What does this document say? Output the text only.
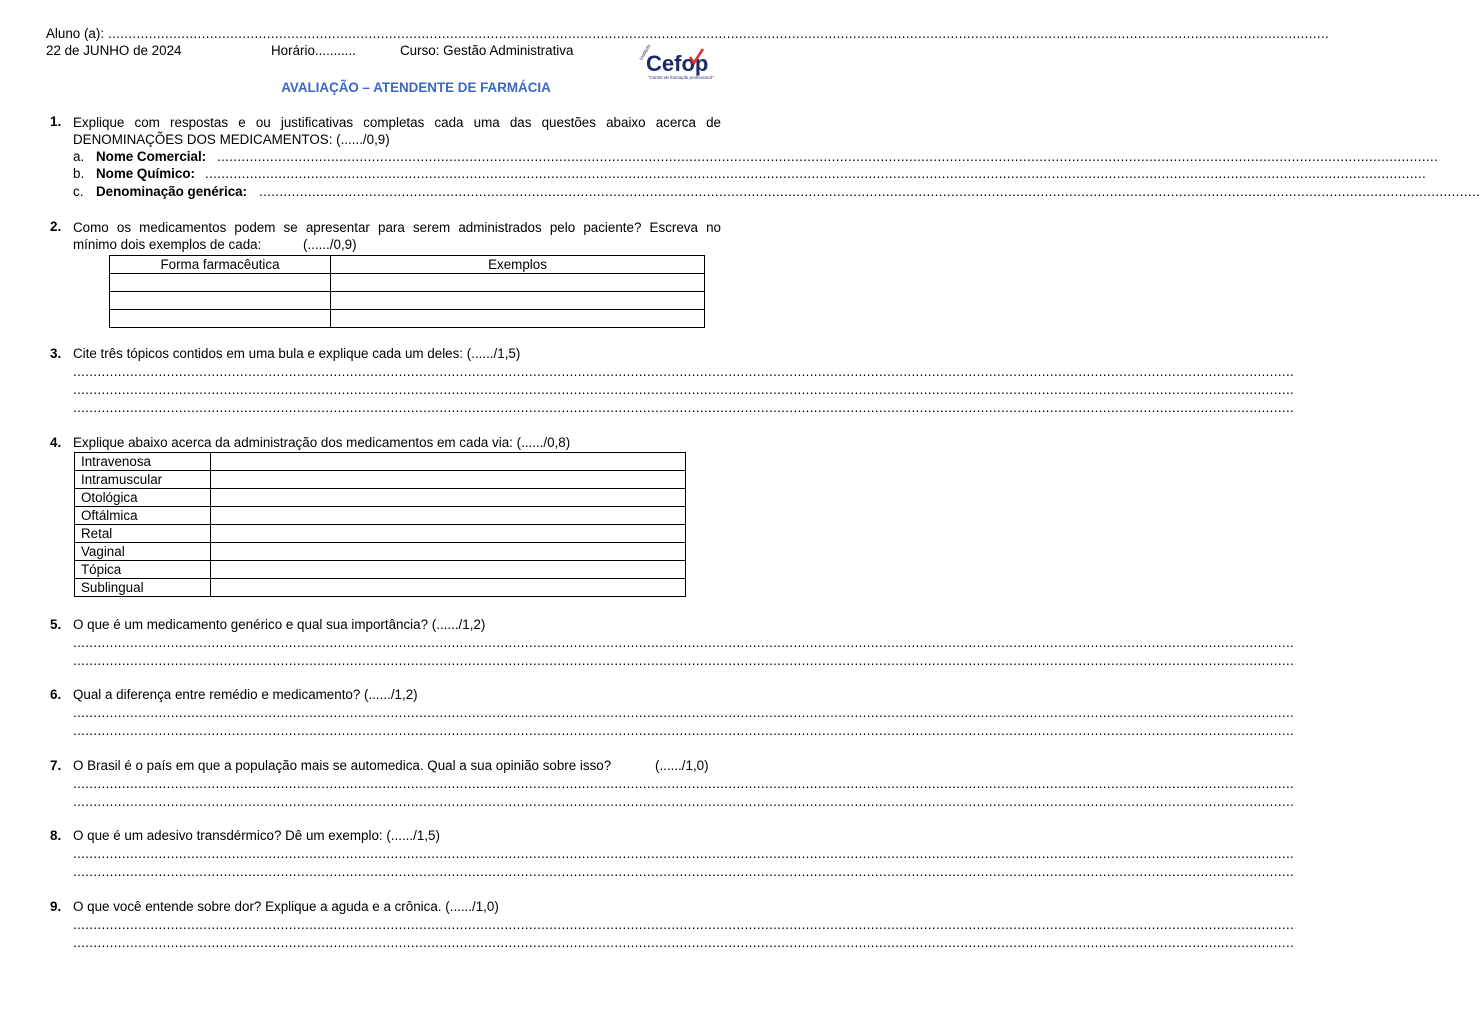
Aluno (a): ............................................................................................................................................................................................................................................................................................................
22 de JUNHO de 2024	Horário...........	Curso: Gestão Administrativa	Instituto
Cefop
"Centro de formação profissional"
AVALIAÇÃO – ATENDENTE DE FARMÁCIA
1. Explique com respostas e ou justificativas completas cada uma das questões abaixo acerca de
DENOMINAÇÕES DOS MEDICAMENTOS: (....../0,9)
a. Nome Comercial: ............................................................................................................................................................................................................................................................................................................
b. Nome Químico: ............................................................................................................................................................................................................................................................................................................
c. Denominação genérica: ............................................................................................................................................................................................................................................................................................................
2. Como os medicamentos podem se apresentar para serem administrados pelo paciente? Escreva no
mínimo dois exemplos de cada:	(....../0,9)
Forma farmacêutica	Exemplos

3. Cite três tópicos contidos em uma bula e explique cada um deles: (....../1,5)
............................................................................................................................................................................................................................................................................................................
............................................................................................................................................................................................................................................................................................................
............................................................................................................................................................................................................................................................................................................
4. Explique abaixo acerca da administração dos medicamentos em cada via: (....../0,8)
Intravenosa	
Intramuscular	
Otológica	
Oftálmica	
Retal	
Vaginal	
Tópica	
Sublingual	
5. O que é um medicamento genérico e qual sua importância? (....../1,2)
............................................................................................................................................................................................................................................................................................................
............................................................................................................................................................................................................................................................................................................
6. Qual a diferença entre remédio e medicamento? (....../1,2)
............................................................................................................................................................................................................................................................................................................
............................................................................................................................................................................................................................................................................................................
7. O Brasil é o país em que a população mais se automedica. Qual a sua opinião sobre isso?	(....../1,0)
............................................................................................................................................................................................................................................................................................................
............................................................................................................................................................................................................................................................................................................
8. O que é um adesivo transdérmico? Dê um exemplo: (....../1,5)
............................................................................................................................................................................................................................................................................................................
............................................................................................................................................................................................................................................................................................................
9. O que você entende sobre dor? Explique a aguda e a crônica. (....../1,0)
............................................................................................................................................................................................................................................................................................................
............................................................................................................................................................................................................................................................................................................
